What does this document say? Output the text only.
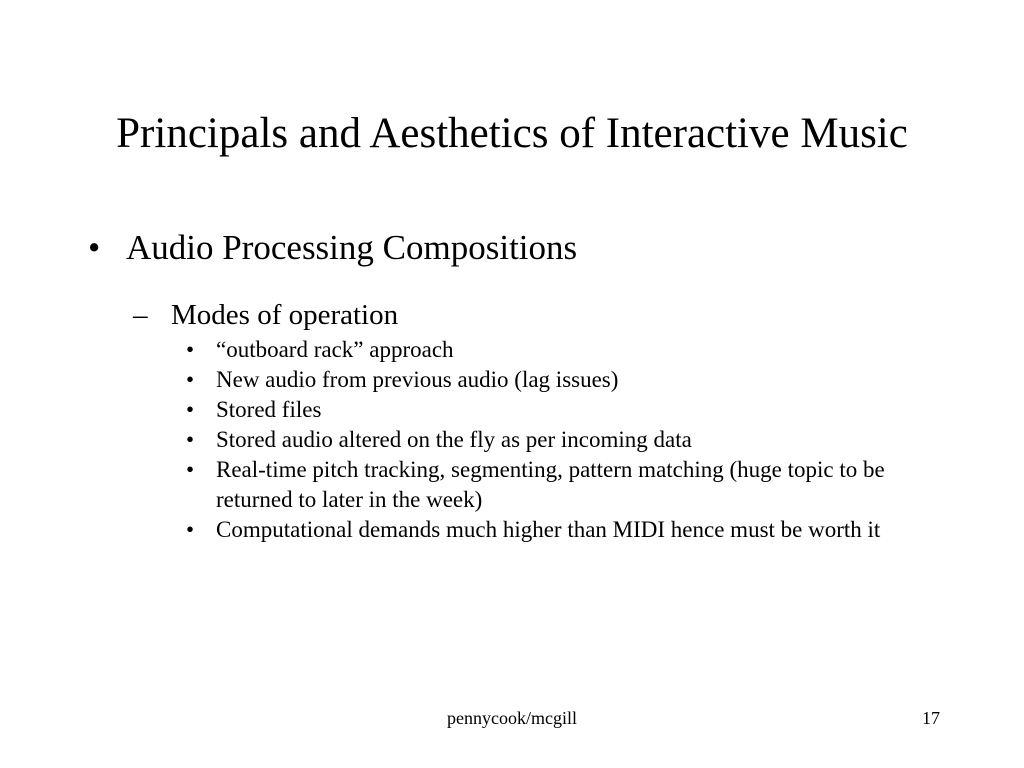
Principals and Aesthetics of Interactive Music
• Audio Processing Compositions
– Modes of operation
• “outboard rack” approach
• New audio from previous audio (lag issues)
• Stored files
• Stored audio altered on the fly as per incoming data
• Real-time pitch tracking, segmenting, pattern matching (huge topic to be returned to later in the week)
• Computational demands much higher than MIDI hence must be worth it
pennycook/mcgill	17
